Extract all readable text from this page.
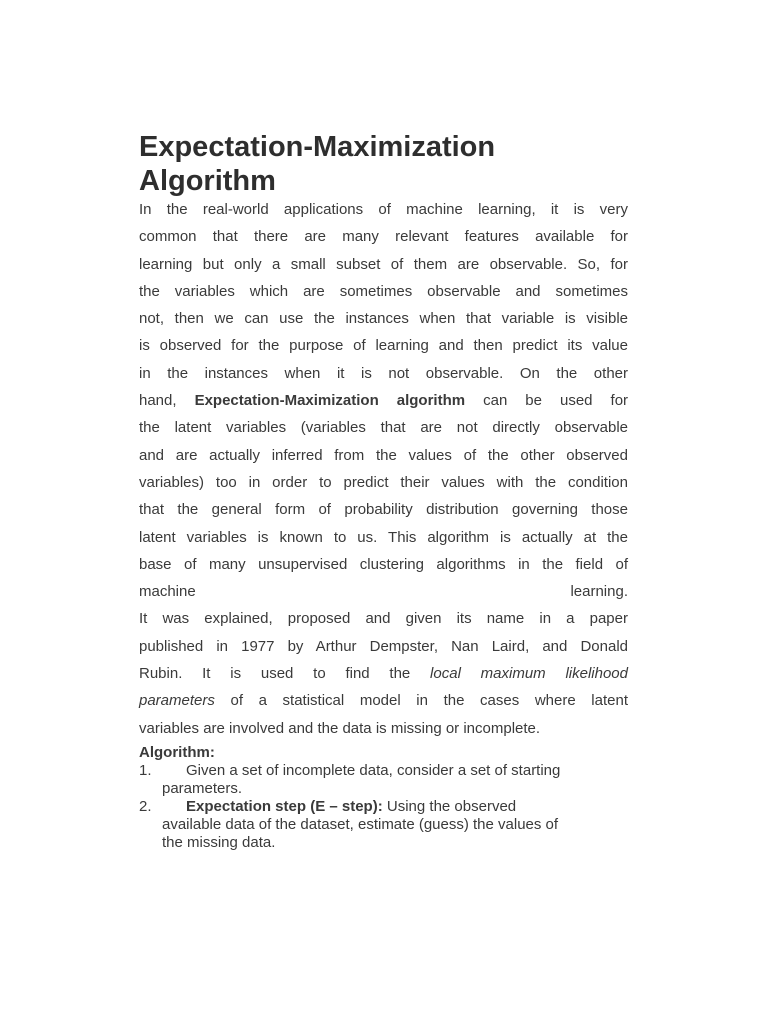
Expectation-Maximization
Algorithm
In the real-world applications of machine learning, it is very
common that there are many relevant features available for
learning but only a small subset of them are observable. So, for
the variables which are sometimes observable and sometimes
not, then we can use the instances when that variable is visible
is observed for the purpose of learning and then predict its value
in the instances when it is not observable. On the other
hand, Expectation-Maximization algorithm can be used for
the latent variables (variables that are not directly observable
and are actually inferred from the values of the other observed
variables) too in order to predict their values with the condition
that the general form of probability distribution governing those
latent variables is known to us. This algorithm is actually at the
base of many unsupervised clustering algorithms in the field of
machine	learning.
It was explained, proposed and given its name in a paper
published in 1977 by Arthur Dempster, Nan Laird, and Donald
Rubin. It is used to find the local maximum likelihood
parameters of a statistical model in the cases where latent
variables are involved and the data is missing or incomplete.
Algorithm:
1.	Given a set of incomplete data, consider a set of starting
parameters.
2.	Expectation step (E – step): Using the observed
available data of the dataset, estimate (guess) the values of
the missing data.
